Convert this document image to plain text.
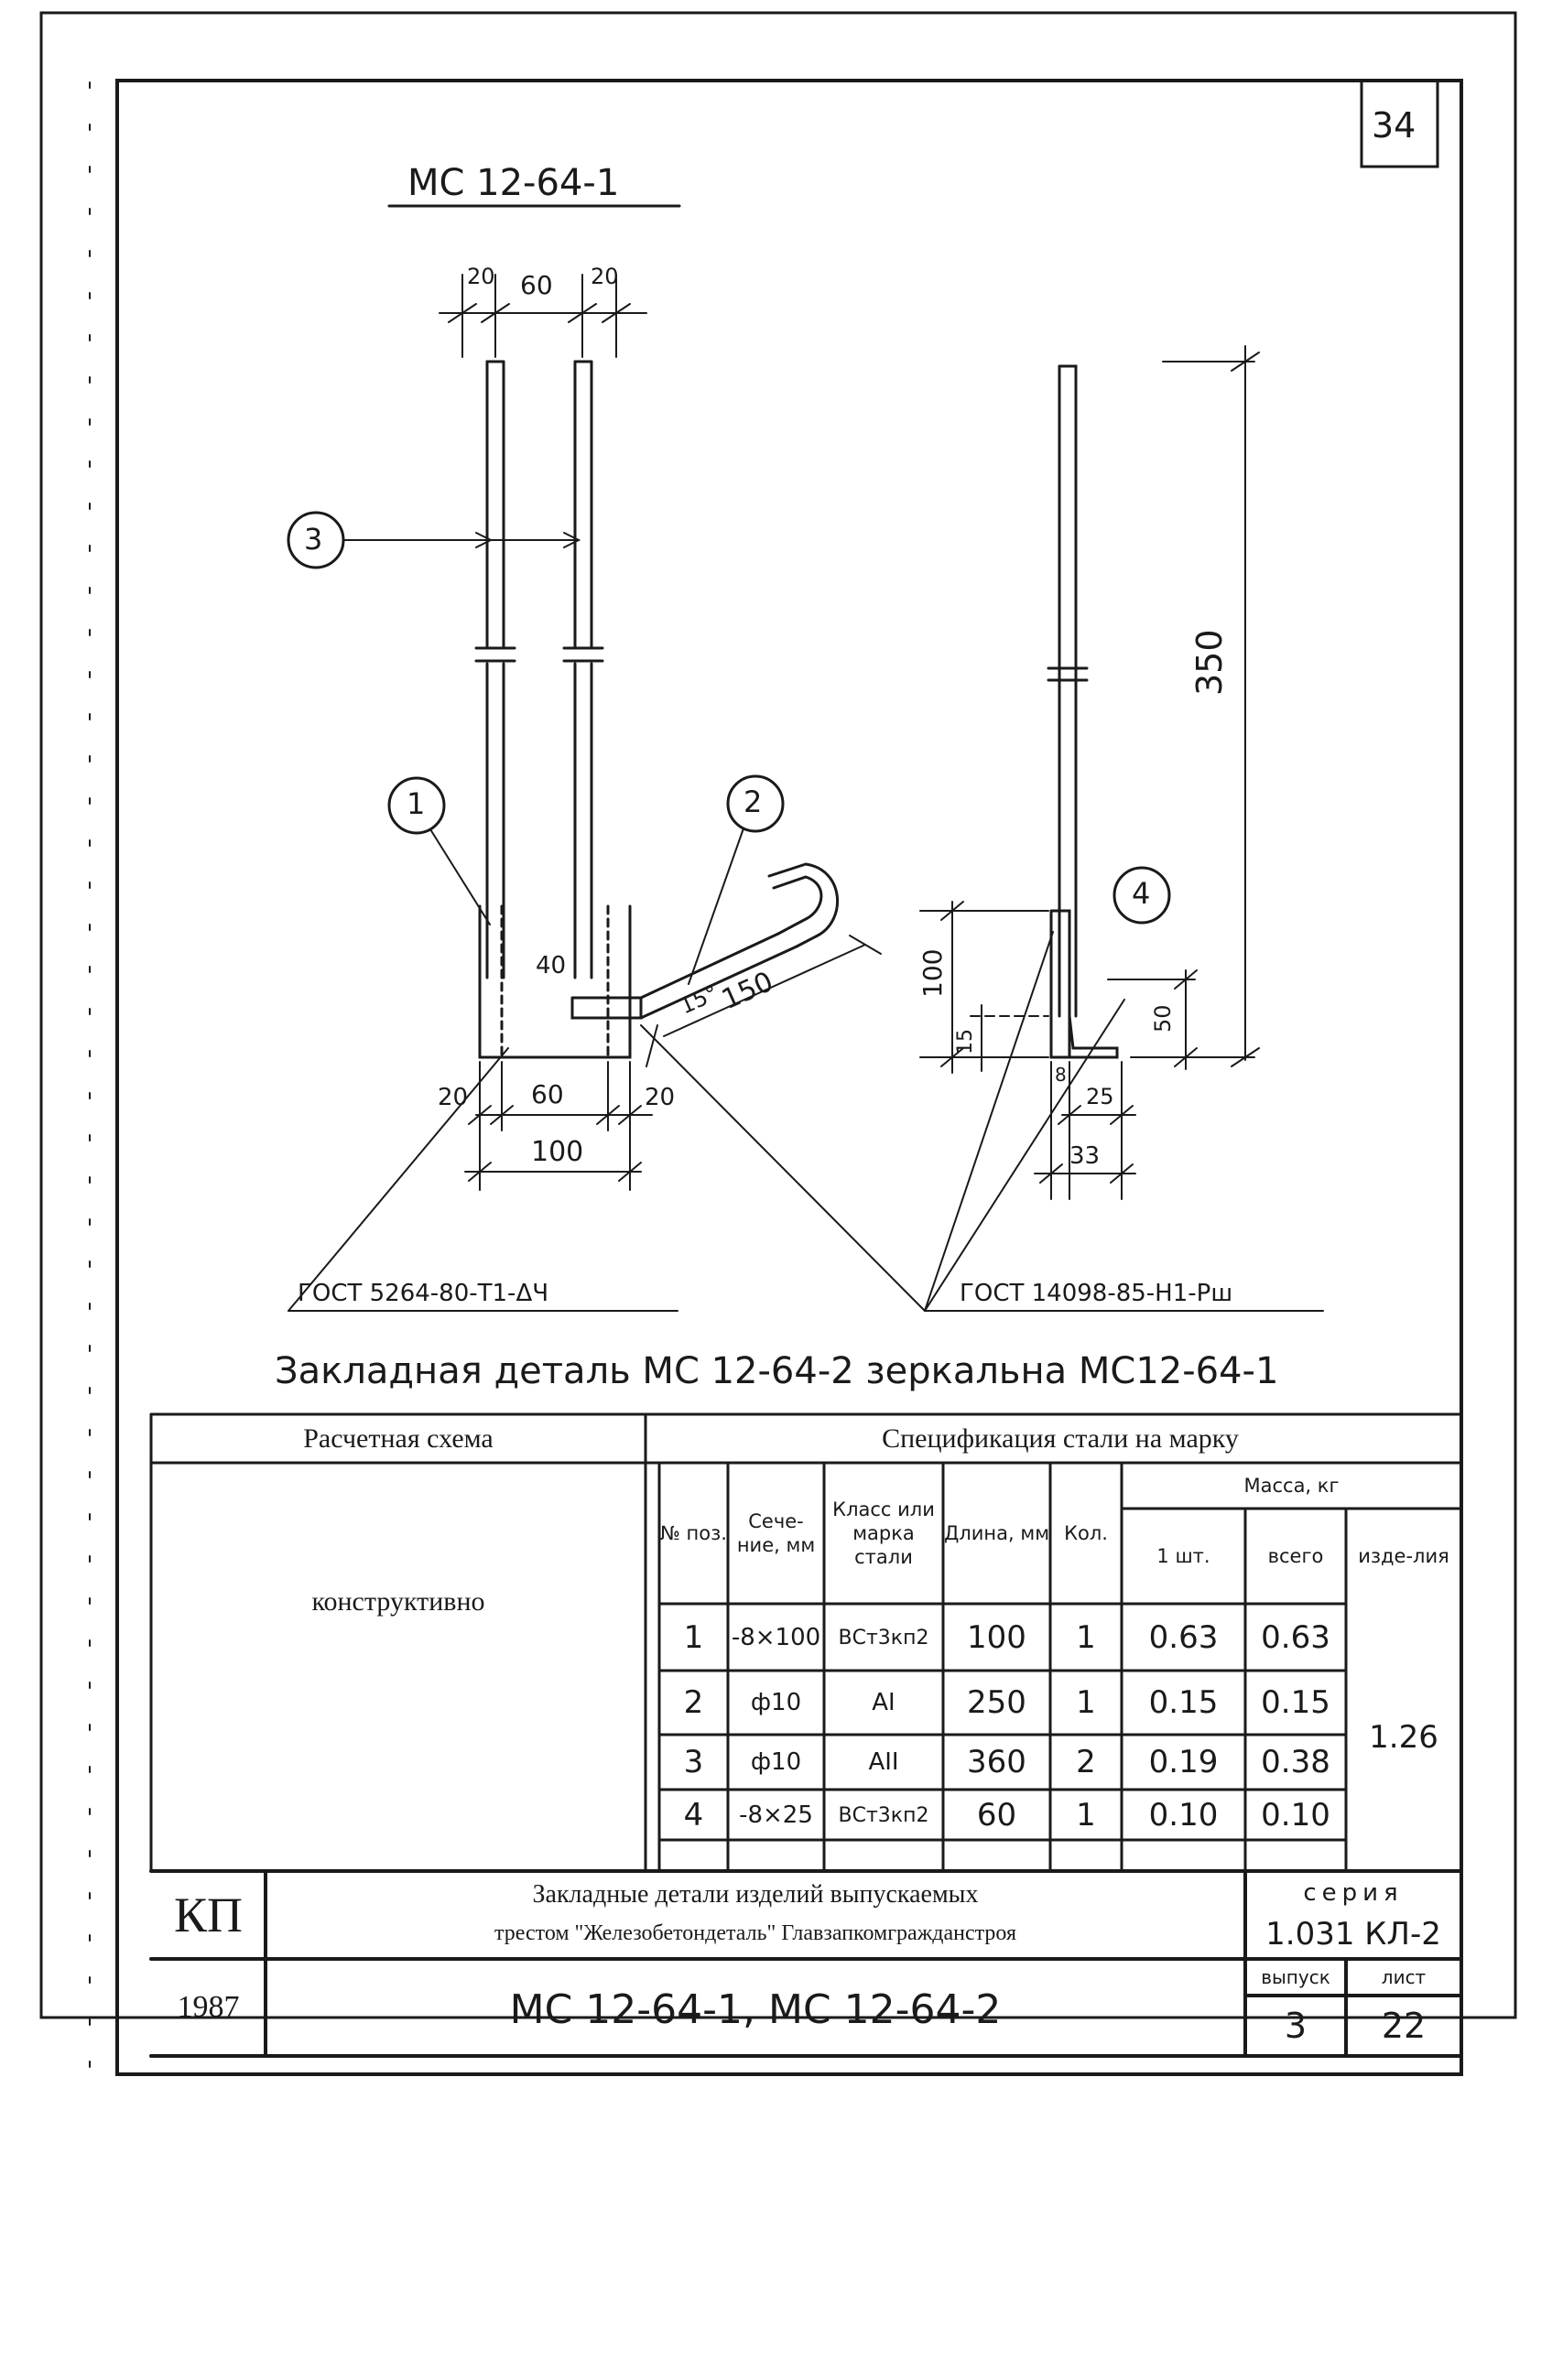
34
МС 12-64-1
20 60 20
3
1	2
4
40
15°
150
20 60	20
100
350
100
15
50
8
25
33
ГОСТ 5264-80-Т1-ΔЧ	ГОСТ 14098-85-Н1-Рш
Закладная деталь МС 12-64-2 зеркальна МС12-64-1
Расчетная схема	Спецификация стали на марку
конструктивно
№ поз.
Сече-ние, мм
Класс или марка стали
Длина, мм Кол.
Масса, кг
1 шт.	всего	изде-лия
1	-8×100 ВСт3кп2	100	1	0.63	0.63
2	ф10	АI	250	1	0.15	0.15
3	ф10	АII	360	2	0.19	0.38
4	-8×25	ВСт3кп2	60	1	0.10	0.10
1.26
КП
1987
Закладные детали изделий выпускаемых
трестом "Железобетондеталь" Главзапкомгражданстроя
МС 12-64-1, МС 12-64-2
серия
1.031 КЛ-2
выпуск	лист
3	22
